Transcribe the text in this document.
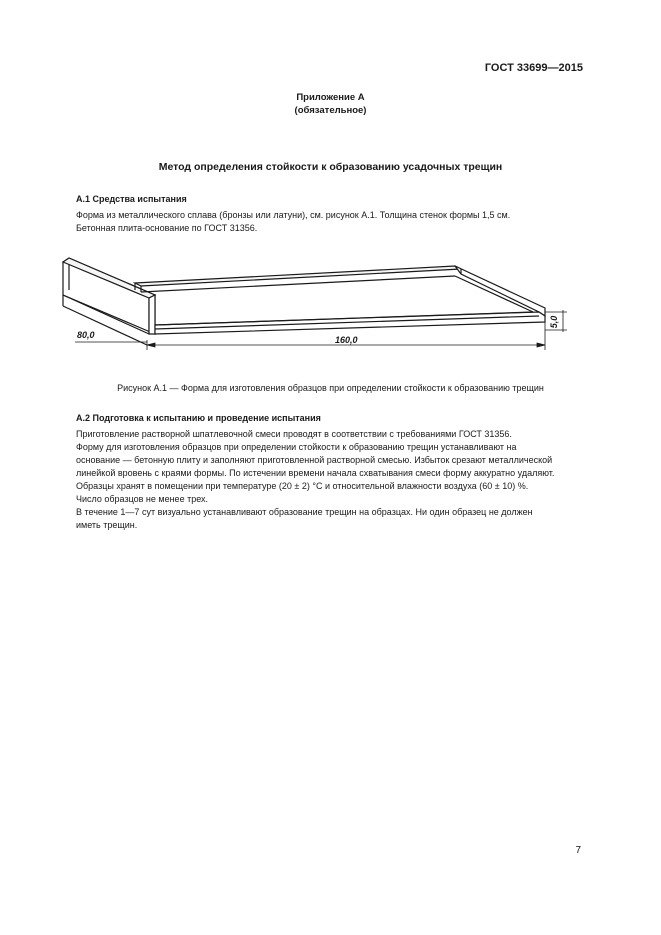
ГОСТ 33699—2015
Приложение А
(обязательное)
Метод определения стойкости к образованию усадочных трещин
А.1 Средства испытания
Форма из металлического сплава (бронзы или латуни), см. рисунок А.1. Толщина стенок формы 1,5 см.
Бетонная плита-основание по ГОСТ 31356.
80,0	160,0
5,0
Рисунок А.1 — Форма для изготовления образцов при определении стойкости к образованию трещин
А.2 Подготовка к испытанию и проведение испытания
Приготовление растворной шпатлевочной смеси проводят в соответствии с требованиями ГОСТ 31356.
Форму для изготовления образцов при определении стойкости к образованию трещин устанавливают на
основание — бетонную плиту и заполняют приготовленной растворной смесью. Избыток срезают металлической
линейкой вровень с краями формы. По истечении времени начала схватывания смеси форму аккуратно удаляют.
Образцы хранят в помещении при температуре (20 ± 2) °С и относительной влажности воздуха (60 ± 10) %.
Число образцов не менее трех.
В течение 1—7 сут визуально устанавливают образование трещин на образцах. Ни один образец не должен
иметь трещин.
7
